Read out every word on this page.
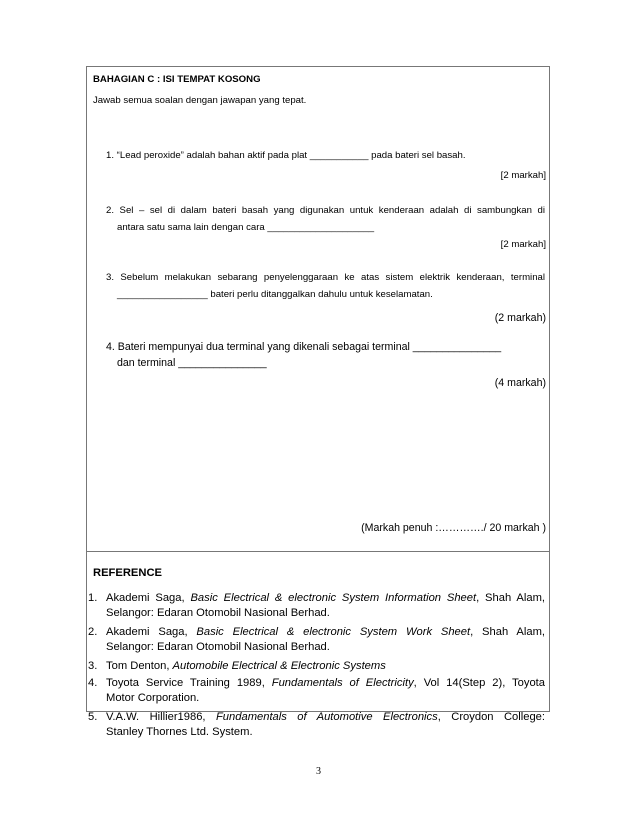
BAHAGIAN C : ISI TEMPAT KOSONG
Jawab semua soalan dengan jawapan yang tepat.
1. “Lead peroxide” adalah bahan aktif pada plat ___________ pada bateri sel basah.
[2 markah]
2. Sel – sel di dalam bateri basah yang digunakan untuk kenderaan adalah di sambungkan di
antara satu sama lain dengan cara ____________________
[2 markah]
3. Sebelum melakukan sebarang penyelenggaraan ke atas sistem elektrik kenderaan, terminal
_________________ bateri perlu ditanggalkan dahulu untuk keselamatan.
(2 markah)
4. Bateri mempunyai dua terminal yang dikenali sebagai terminal _______________
dan terminal _______________
(4 markah)
(Markah penuh :…………./ 20 markah )
REFERENCE
1. Akademi Saga, Basic Electrical & electronic System Information Sheet, Shah Alam,
Selangor: Edaran Otomobil Nasional Berhad.
2. Akademi Saga, Basic Electrical & electronic System Work Sheet, Shah Alam,
Selangor: Edaran Otomobil Nasional Berhad.
3. Tom Denton, Automobile Electrical & Electronic Systems
4. Toyota Service Training 1989, Fundamentals of Electricity, Vol 14(Step 2), Toyota
Motor Corporation.
5. V.A.W. Hillier1986, Fundamentals of Automotive Electronics, Croydon College:
Stanley Thornes Ltd. System.
3
